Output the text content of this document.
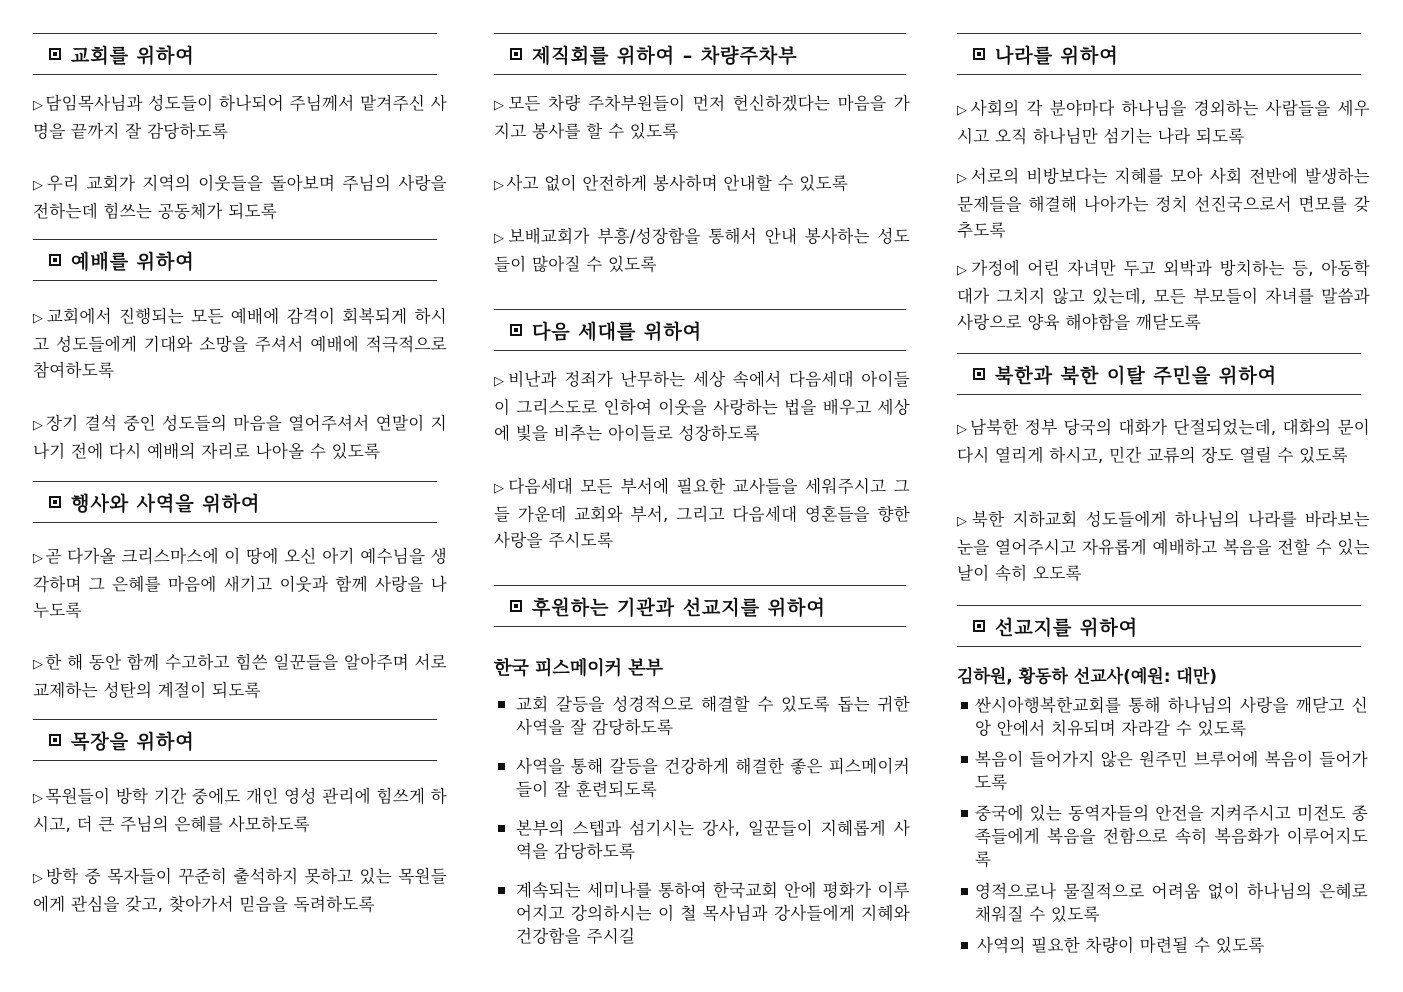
교회를 위하여
▷ 담임목사님과 성도들이 하나되어 주님께서 맡겨주신 사명을 끝까지 잘 감당하도록
▷ 우리 교회가 지역의 이웃들을 돌아보며 주님의 사랑을 전하는데 힘쓰는 공동체가 되도록
예배를 위하여
▷ 교회에서 진행되는 모든 예배에 감격이 회복되게 하시고 성도들에게 기대와 소망을 주셔서 예배에 적극적으로 참여하도록
▷ 장기 결석 중인 성도들의 마음을 열어주셔서 연말이 지나기 전에 다시 예배의 자리로 나아올 수 있도록
행사와 사역을 위하여
▷ 곧 다가올 크리스마스에 이 땅에 오신 아기 예수님을 생각하며 그 은혜를 마음에 새기고 이웃과 함께 사랑을 나누도록
▷ 한 해 동안 함께 수고하고 힘쓴 일꾼들을 알아주며 서로 교제하는 성탄의 계절이 되도록
목장을 위하여
▷ 목원들이 방학 기간 중에도 개인 영성 관리에 힘쓰게 하시고, 더 큰 주님의 은혜를 사모하도록
▷ 방학 중 목자들이 꾸준히 출석하지 못하고 있는 목원들에게 관심을 갖고, 찾아가서 믿음을 독려하도록
제직회를 위하여 – 차량주차부
▷ 모든 차량 주차부원들이 먼저 헌신하겠다는 마음을 가지고 봉사를 할 수 있도록
▷ 사고 없이 안전하게 봉사하며 안내할 수 있도록
▷ 보배교회가 부흥/성장함을 통해서 안내 봉사하는 성도들이 많아질 수 있도록
다음 세대를 위하여
▷ 비난과 정죄가 난무하는 세상 속에서 다음세대 아이들이 그리스도로 인하여 이웃을 사랑하는 법을 배우고 세상에 빛을 비추는 아이들로 성장하도록
▷ 다음세대 모든 부서에 필요한 교사들을 세워주시고 그들 가운데 교회와 부서, 그리고 다음세대 영혼들을 향한 사랑을 주시도록
후원하는 기관과 선교지를 위하여
한국 피스메이커 본부
교회 갈등을 성경적으로 해결할 수 있도록 돕는 귀한 사역을 잘 감당하도록
사역을 통해 갈등을 건강하게 해결한 좋은 피스메이커들이 잘 훈련되도록
본부의 스텝과 섬기시는 강사, 일꾼들이 지혜롭게 사역을 감당하도록
계속되는 세미나를 통하여 한국교회 안에 평화가 이루어지고 강의하시는 이 철 목사님과 강사들에게 지혜와 건강함을 주시길
나라를 위하여
▷ 사회의 각 분야마다 하나님을 경외하는 사람들을 세우시고 오직 하나님만 섬기는 나라 되도록
▷ 서로의 비방보다는 지혜를 모아 사회 전반에 발생하는 문제들을 해결해 나아가는 정치 선진국으로서 면모를 갖추도록
▷ 가정에 어린 자녀만 두고 외박과 방치하는 등, 아동학대가 그치지 않고 있는데, 모든 부모들이 자녀를 말씀과 사랑으로 양육 해야함을 깨닫도록
북한과 북한 이탈 주민을 위하여
▷ 남북한 정부 당국의 대화가 단절되었는데, 대화의 문이 다시 열리게 하시고, 민간 교류의 장도 열릴 수 있도록
▷ 북한 지하교회 성도들에게 하나님의 나라를 바라보는 눈을 열어주시고 자유롭게 예배하고 복음을 전할 수 있는 날이 속히 오도록
선교지를 위하여
김하원, 황동하 선교사(예원: 대만)
싼시아행복한교회를 통해 하나님의 사랑을 깨닫고 신앙 안에서 치유되며 자라갈 수 있도록
복음이 들어가지 않은 원주민 브루어에 복음이 들어가도록
중국에 있는 동역자들의 안전을 지켜주시고 미전도 종족들에게 복음을 전함으로 속히 복음화가 이루어지도록
영적으로나 물질적으로 어려움 없이 하나님의 은혜로 채워질 수 있도록
사역의 필요한 차량이 마련될 수 있도록
